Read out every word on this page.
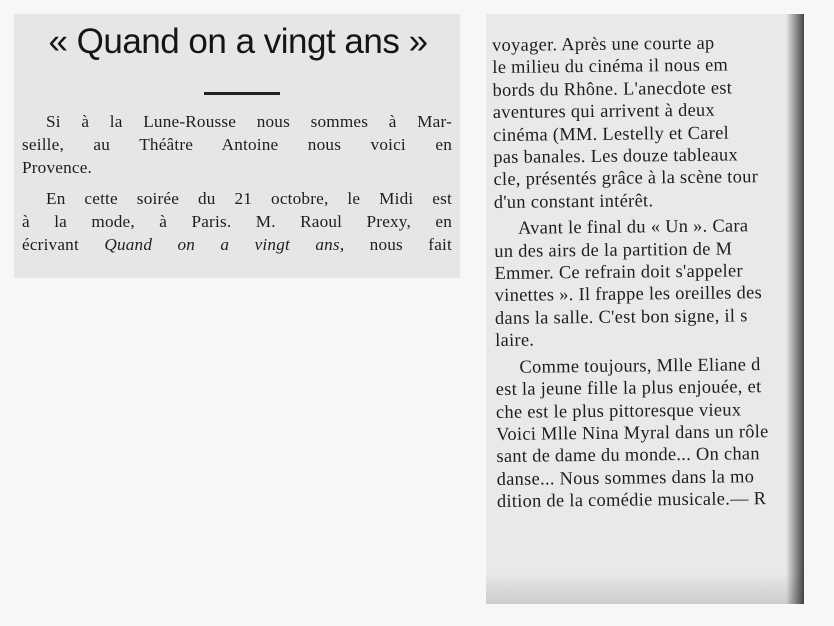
« Quand on a vingt ans »

Si à la Lune-Rousse nous sommes à Mar-
seille, au Théâtre Antoine nous voici en
Provence.

En cette soirée du 21 octobre, le Midi est
à la mode, à Paris. M. Raoul Prexy, en
écrivant Quand on a vingt ans, nous fait

voyager. Après une courte ap
le milieu du cinéma il nous em
bords du Rhône. L'anecdote est
aventures qui arrivent à deux
cinéma (MM. Lestelly et Carel
pas banales. Les douze tableaux
cle, présentés grâce à la scène tour
d'un constant intérêt.

Avant le final du « Un ». Cara
un des airs de la partition de M
Emmer. Ce refrain doit s'appeler
vinettes ». Il frappe les oreilles des
dans la salle. C'est bon signe, il s
laire.

Comme toujours, Mlle Eliane d
est la jeune fille la plus enjouée, et
che est le plus pittoresque vieux
Voici Mlle Nina Myral dans un rôle
sant de dame du monde... On chan
danse... Nous sommes dans la mo
dition de la comédie musicale.— R
